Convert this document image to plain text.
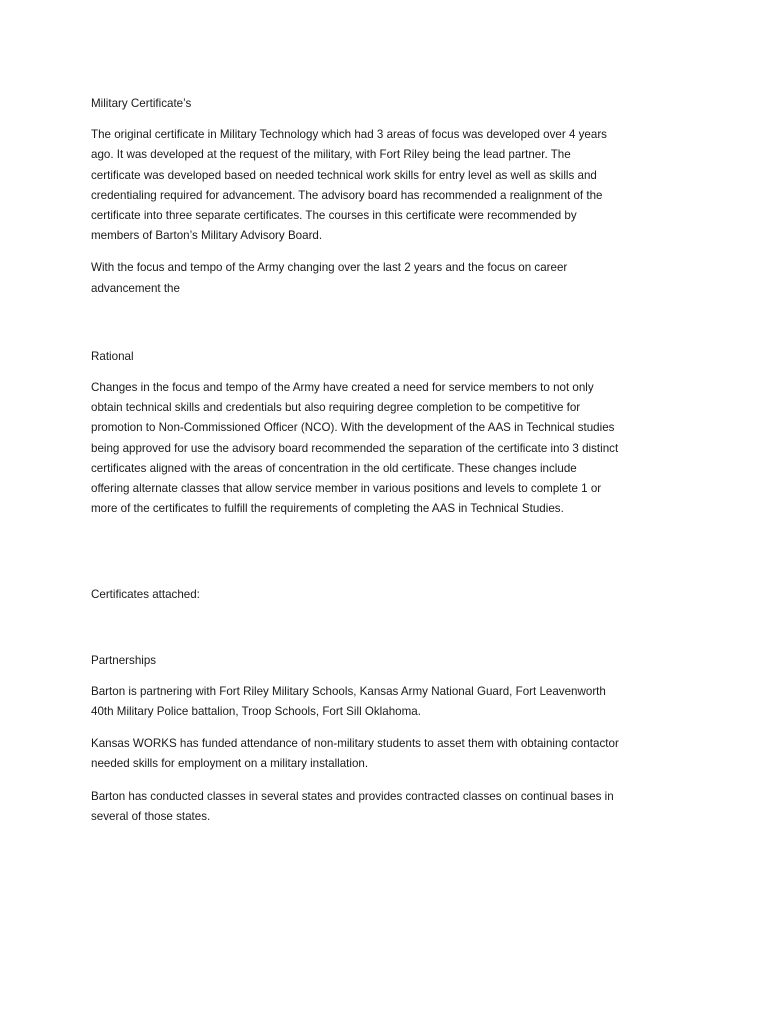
Military Certificate’s
The original certificate in Military Technology which had 3 areas of focus was developed over 4 years
ago. It was developed at the request of the military, with Fort Riley being the lead partner. The
certificate was developed based on needed technical work skills for entry level as well as skills and
credentialing required for advancement. The advisory board has recommended a realignment of the
certificate into three separate certificates. The courses in this certificate were recommended by
members of Barton’s Military Advisory Board.
With the focus and tempo of the Army changing over the last 2 years and the focus on career
advancement the
Rational
Changes in the focus and tempo of the Army have created a need for service members to not only
obtain technical skills and credentials but also requiring degree completion to be competitive for
promotion to Non-Commissioned Officer (NCO). With the development of the AAS in Technical studies
being approved for use the advisory board recommended the separation of the certificate into 3 distinct
certificates aligned with the areas of concentration in the old certificate. These changes include
offering alternate classes that allow service member in various positions and levels to complete 1 or
more of the certificates to fulfill the requirements of completing the AAS in Technical Studies.
Certificates attached:
Partnerships
Barton is partnering with Fort Riley Military Schools, Kansas Army National Guard, Fort Leavenworth
40th Military Police battalion, Troop Schools, Fort Sill Oklahoma.
Kansas WORKS has funded attendance of non-military students to asset them with obtaining contactor
needed skills for employment on a military installation.
Barton has conducted classes in several states and provides contracted classes on continual bases in
several of those states.
